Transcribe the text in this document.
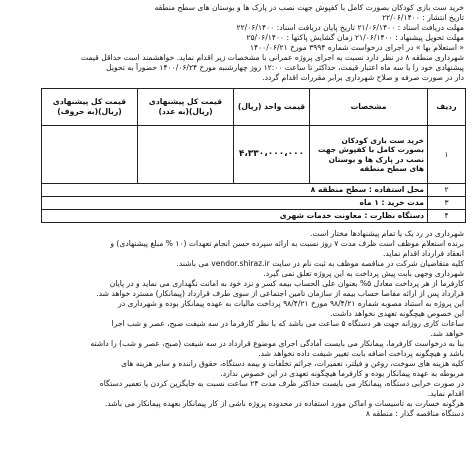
خرید ست بازی کودکان بصورت کامل با کفپوش جهت نصب در پارک ها و بوستان های سطح منطقه
تاریخ انتشار : ۲۲/۰۶/۱۴۰۰
مهلت دریافت اسناد : ۲۱/۰۶/۱۴۰۰ تاریخ پایان دریافت اسناد: ۲۲/۰۶/۱۴۰۰
مهلت تحویل پیشنهاد : ۲۱/۰۶/۱۴۰۰ زمان گشایش پاکتها : ۲۵/۰۶/۱۴۰۰
« استعلام بها » در اجرای درخواست شماره ۳۹۹۴ مورخ ۱۴۰۰/۰۶/۲۱
شهرداری منطقه ۸ در نظر دارد نسبت به اجرای پروژه عمرانی با مشخصات زیر اقدام نماید. خواهشمند است حداقل قیمت
پیشنهادی خود را با سه ماه اعتبار قیمت، حداکثر تا ساعت ۱۲:۰۰ روز چهارشنبه مورخ ۱۴۰۰/۰۶/۲۴ حضوراً به تحویل
دار در صورت صرفه و صلاح شهرداری برابر مقررات اقدام گردد.
ردیف	مشخصات	قیمت واحد (ریال)	قیمت کل پیشنهادی (ریال)(به عدد)	قیمت کل پیشنهادی (ریال)(به حروف)
۱	خرید ست بازی کودکان بصورت کامل با کفپوش جهت نصب در پارک ها و بوستان های سطح منطقه	۴،۳۳۰،۰۰۰،۰۰۰		
۲	محل استفاده : سطح منطقه ۸			
۳	مدت خرید : ۱ ماه			
۴	دستگاه نظارت : معاونت خدمات شهری			
شهرداری در رد یک یا تمام پیشنهادها مختار است.
برنده استعلام موظف است ظرف مدت ۷ روز نسبت به ارائه سپرده حسن انجام تعهدات (۱۰ % مبلغ پیشنهادی) و
انعقاد قرارداد اقدام نماید.
کلیه متقاضیان شرکت در مناقصه موظف به ثبت نام در سایت vendor.shiraz.ir می باشند.
شهرداری وجهی بابت پیش پرداخت به این پروژه تعلق نمی گیرد.
کارفرما از هر پرداخت معادل ۵% بعنوان علی الحساب بیمه کسر و نزد خود به امانت نگهداری می نماید و در پایان
قرارداد پس از ارائه مفاصا حساب بیمه از سازمان تامین اجتماعی از سوی طرف قرارداد (پیمانکار) مسترد خواهد شد.
این پروژه به استناد مصوبه شماره ۹۸/۴/۲۱ مورخ ۹۸/۴/۲۱ پرداخت مالیات به عهده پیمانکار بوده و شهرداری در
این خصوص هیچگونه تعهدی نخواهد داشت.
ساعات کاری روزانه جهت هر دستگاه ۵ ساعت می باشد که با نظر کارفرما در سه شیفت صبح، عصر و شب اجرا
خواهد شد.
بنا به درخواست کارفرما، پیمانکار می بایست آمادگی اجرای موضوع قرارداد در سه شیفت (صبح، عصر و شب) را داشته
باشد و هیچگونه پرداخت اضافه بابت تغییر شیفت داده نخواهد شد.
کلیه هزینه های سوخت، روغن و فیلتر، تعمیرات، جرائم تخلفات و بیمه دستگاه، حقوق راننده و سایر هزینه های
مربوطه به عهده پیمانکار بوده و کارفرما هیچگونه تعهدی در این خصوص ندارد.
در صورت خرابی دستگاه، پیمانکار می بایست حداکثر ظرف مدت ۲۴ ساعت نسبت به جایگزین کردن یا تعمیر دستگاه
اقدام نماید.
هرگونه خسارت به تاسیسات و اماکن مورد استفاده در محدوده پروژه ناشی از کار پیمانکار بعهده پیمانکار می باشد.
دستگاه مناقصه گذار : منطقه ۸
